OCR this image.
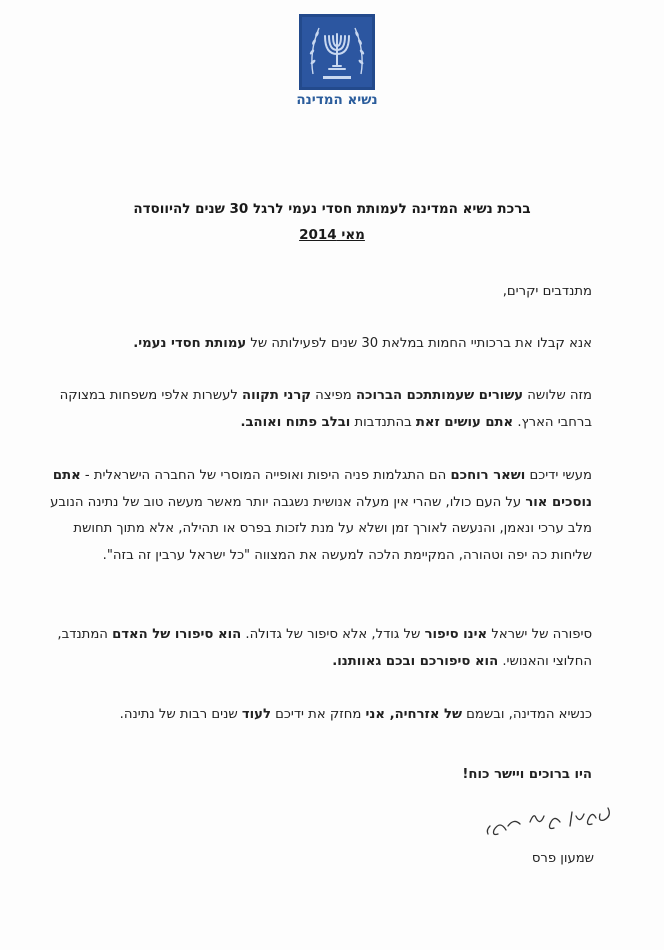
נשיא המדינה
ברכת נשיא המדינה לעמותת חסדי נעמי לרגל 30 שנים להיווסדה
מאי 2014
מתנדבים יקרים,
אנא קבלו את ברכותיי החמות במלאת 30 שנים לפעילותה של עמותת חסדי נעמי.
מזה שלושה עשורים שעמותתכם הברוכה מפיצה קרני תקווה לעשרות אלפי משפחות במצוקה ברחבי הארץ. אתם עושים זאת בהתנדבות ובלב פתוח ואוהב.
מעשי ידיכם ושאר רוחכם הם התגלמות פניה היפות ואופייה המוסרי של החברה הישראלית - אתם נוסכים אור על העם כולו, שהרי אין מעלה אנושית נשגבה יותר מאשר מעשה טוב של נתינה הנובע מלב ערכי ונאמן, והנעשה לאורך זמן ושלא על מנת לזכות בפרס או תהילה, אלא מתוך תחושת שליחות כה יפה וטהורה, המקיימת הלכה למעשה את המצווה "כל ישראל ערבין זה בזה".
סיפורה של ישראל אינו סיפור של גודל, אלא סיפור של גדולה. הוא סיפורו של האדם המתנדב, החלוצי והאנושי. הוא סיפורכם ובכם גאוותנו.
כנשיא המדינה, ובשמם של אזרחיה, אני מחזק את ידיכם לעוד שנים רבות של נתינה.
היו ברוכים ויישר כוח!
שמעון פרס
